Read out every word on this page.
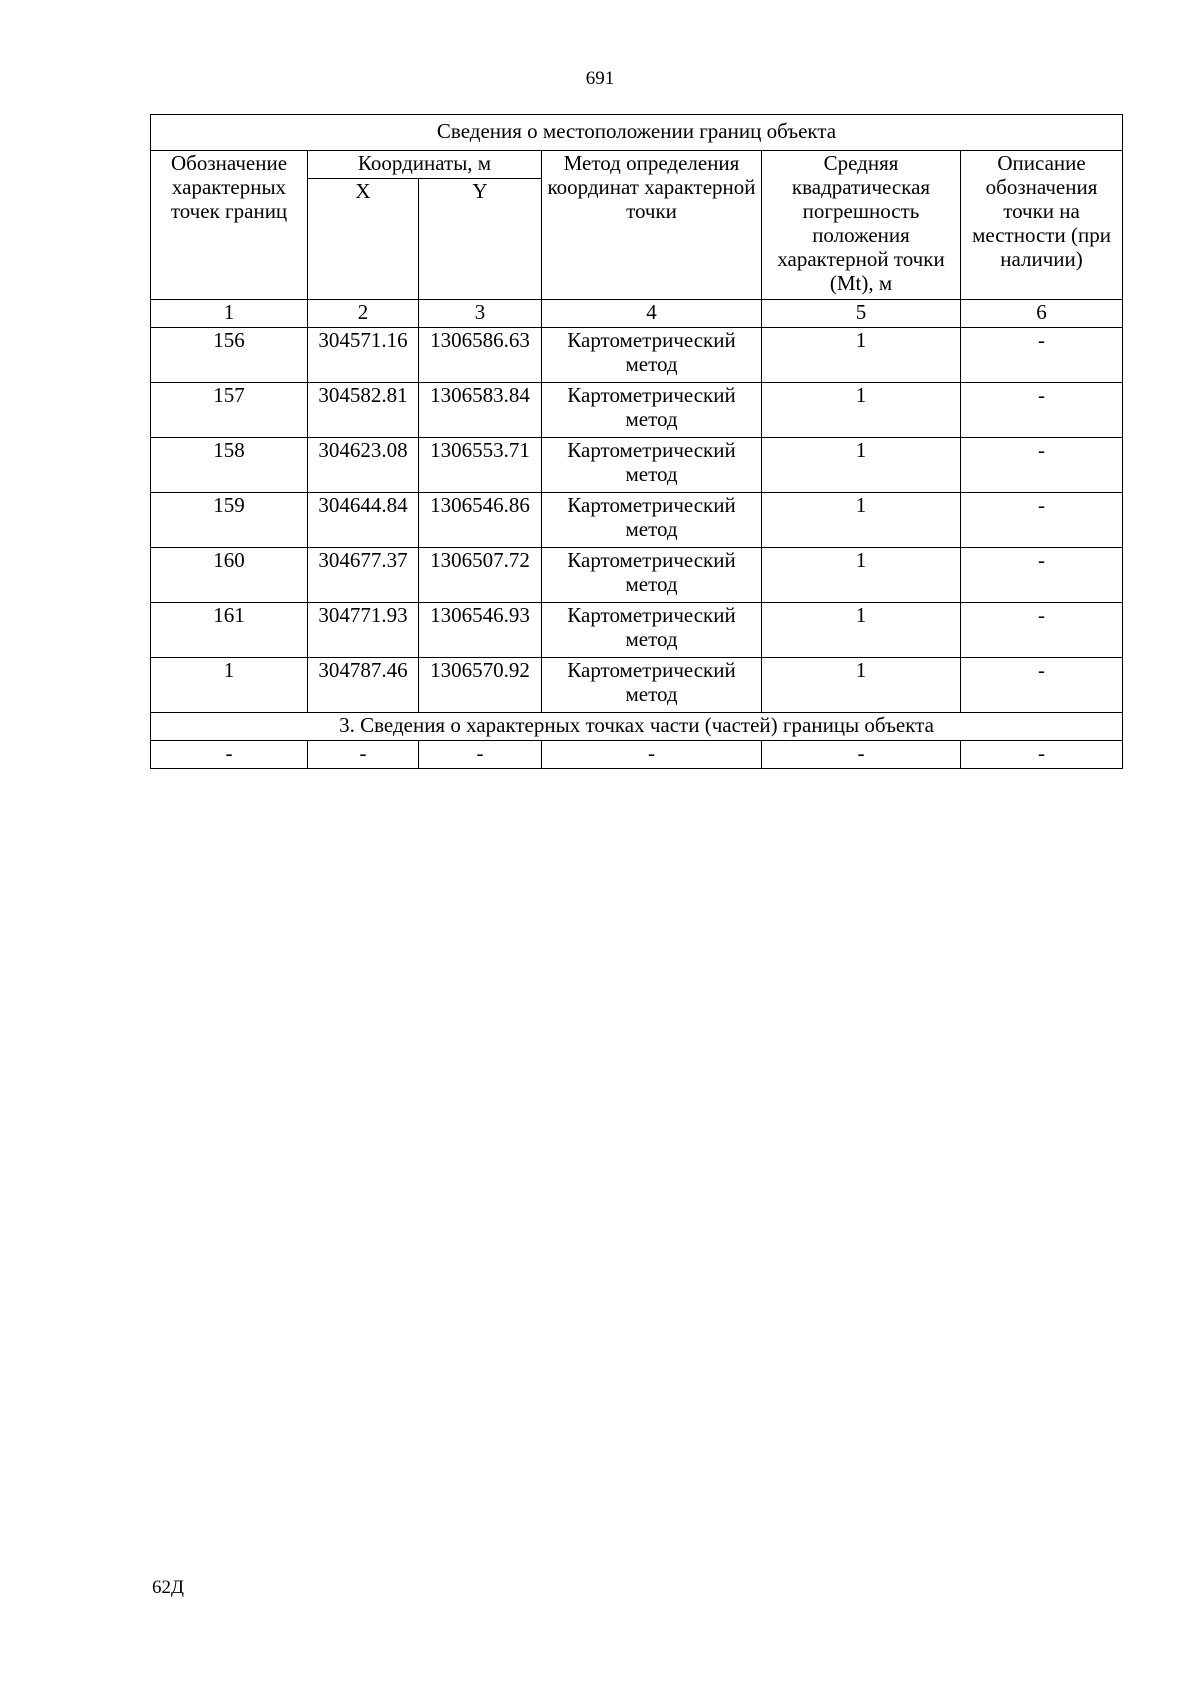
691
Сведения о местоположении границ объекта					
Обозначение характерных точек границ	Координаты, м		Метод определения координат характерной точки	Средняя квадратическая погрешность положения характерной точки (Mt), м	Описание обозначения точки на местности (при наличии)
	X	Y			
1	2	3	4	5	6
156	304571.16	1306586.63	Картометрический метод	1	-
157	304582.81	1306583.84	Картометрический метод	1	-
158	304623.08	1306553.71	Картометрический метод	1	-
159	304644.84	1306546.86	Картометрический метод	1	-
160	304677.37	1306507.72	Картометрический метод	1	-
161	304771.93	1306546.93	Картометрический метод	1	-
1	304787.46	1306570.92	Картометрический метод	1	-
3. Сведения о характерных точках части (частей) границы объекта					
-	-	-	-	-	-
62Д
